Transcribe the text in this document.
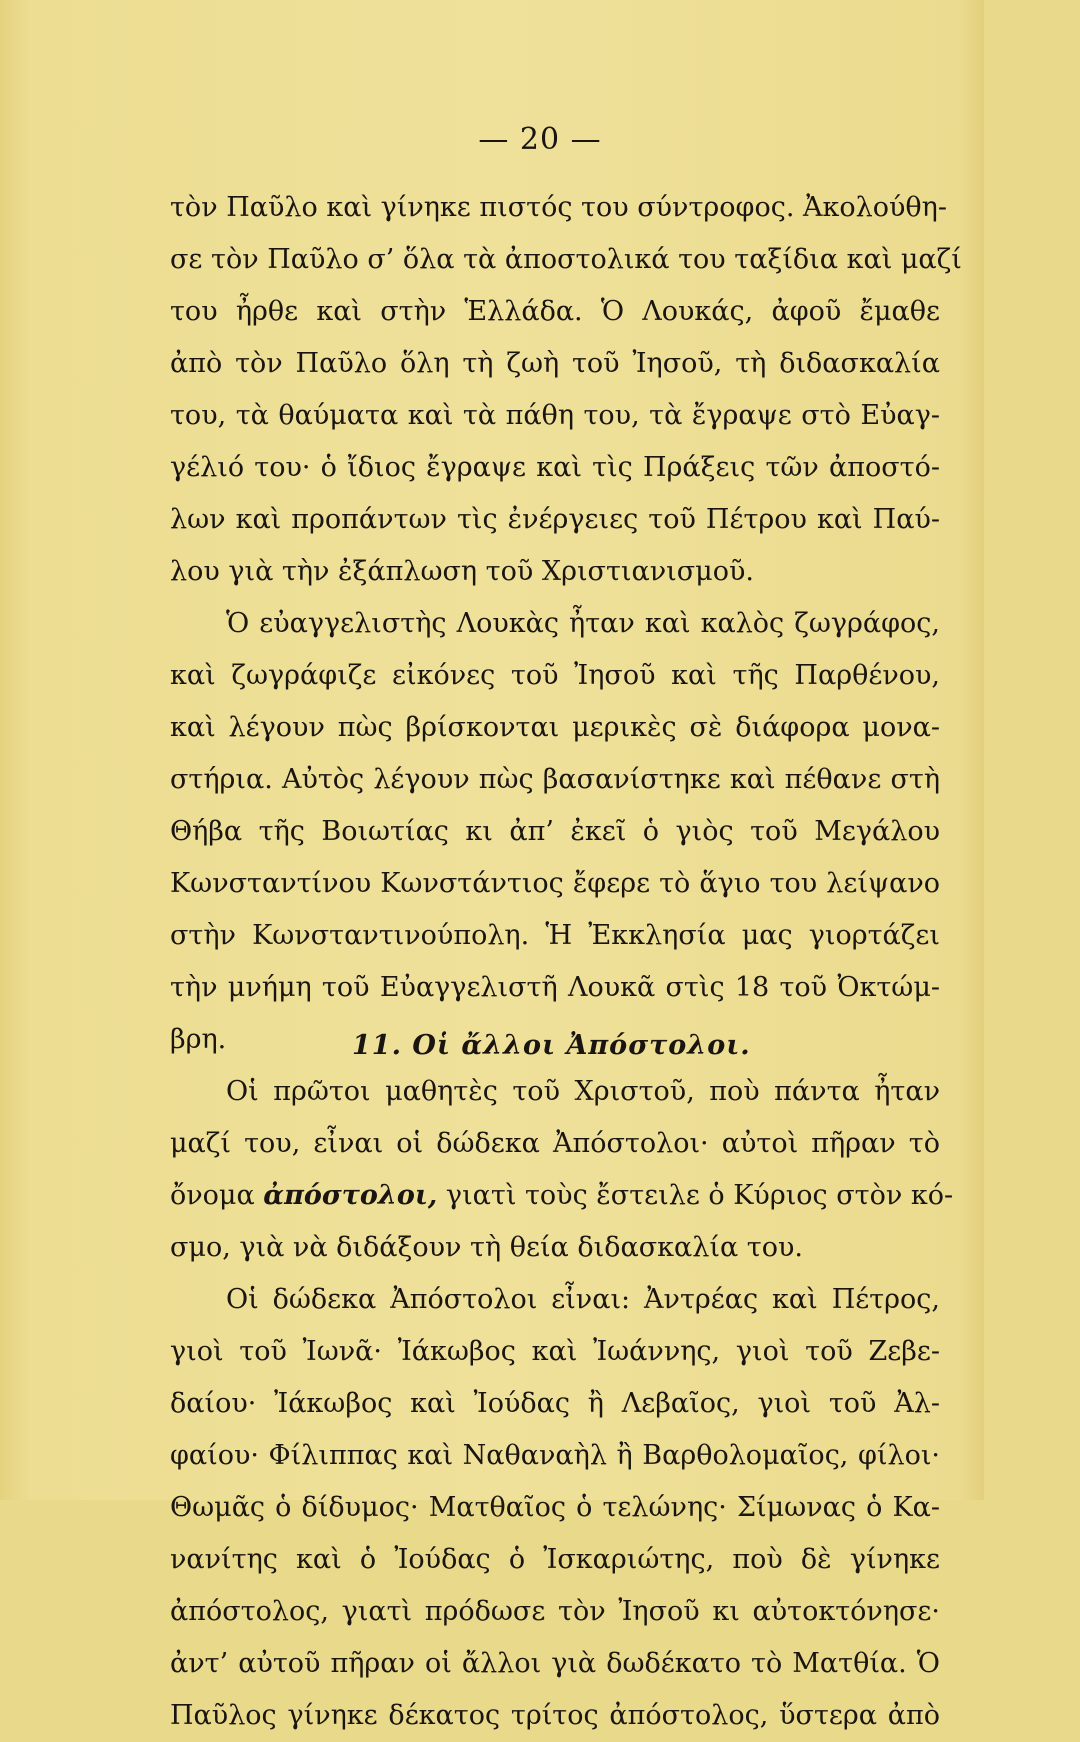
— 20 —
τὸν Παῦλο καὶ γίνηκε πιστός του σύντροφος. Ἀκολούθη-
σε τὸν Παῦλο σ’ ὅλα τὰ ἀποστολικά του ταξίδια καὶ μαζί
του ἦρθε καὶ στὴν Ἑλλάδα. Ὁ Λουκάς, ἀφοῦ ἔμαθε
ἀπὸ τὸν Παῦλο ὅλη τὴ ζωὴ τοῦ Ἰησοῦ, τὴ διδασκαλία
του, τὰ θαύματα καὶ τὰ πάθη του, τὰ ἔγραψε στὸ Εὐαγ-
γέλιό του· ὁ ἴδιος ἔγραψε καὶ τὶς Πράξεις τῶν ἀποστό-
λων καὶ προπάντων τὶς ἐνέργειες τοῦ Πέτρου καὶ Παύ-
λου γιὰ τὴν ἐξάπλωση τοῦ Χριστιανισμοῦ.
Ὁ εὐαγγελιστὴς Λουκὰς ἦταν καὶ καλὸς ζωγράφος,
καὶ ζωγράφιζε εἰκόνες τοῦ Ἰησοῦ καὶ τῆς Παρθένου,
καὶ λέγουν πὼς βρίσκονται μερικὲς σὲ διάφορα μονα-
στήρια. Αὐτὸς λέγουν πὼς βασανίστηκε καὶ πέθανε στὴ
Θήβα τῆς Βοιωτίας κι ἀπ’ ἐκεῖ ὁ γιὸς τοῦ Μεγάλου
Κωνσταντίνου Κωνστάντιος ἔφερε τὸ ἅγιο του λείψανο
στὴν Κωνσταντινούπολη. Ἡ Ἐκκλησία μας γιορτάζει
τὴν μνήμη τοῦ Εὐαγγελιστῆ Λουκᾶ στὶς 18 τοῦ Ὀκτώμ-
βρη.	11. Οἱ ἄλλοι Ἀπόστολοι.
Οἱ πρῶτοι μαθητὲς τοῦ Χριστοῦ, ποὺ πάντα ἦταν
μαζί του, εἶναι οἱ δώδεκα Ἀπόστολοι· αὐτοὶ πῆραν τὸ
ὄνομα ἀπόστολοι, γιατὶ τοὺς ἔστειλε ὁ Κύριος στὸν κό-
σμο, γιὰ νὰ διδάξουν τὴ θεία διδασκαλία του.
Οἱ δώδεκα Ἀπόστολοι εἶναι: Ἀντρέας καὶ Πέτρος,
γιοὶ τοῦ Ἰωνᾶ· Ἰάκωβος καὶ Ἰωάννης, γιοὶ τοῦ Ζεβε-
δαίου· Ἰάκωβος καὶ Ἰούδας ἢ Λεβαῖος, γιοὶ τοῦ Ἀλ-
φαίου· Φίλιππας καὶ Ναθαναὴλ ἢ Βαρθολομαῖος, φίλοι·
Θωμᾶς ὁ δίδυμος· Ματθαῖος ὁ τελώνης· Σίμωνας ὁ Κα-
νανίτης καὶ ὁ Ἰούδας ὁ Ἰσκαριώτης, ποὺ δὲ γίνηκε
ἀπόστολος, γιατὶ πρόδωσε τὸν Ἰησοῦ κι αὐτοκτόνησε·
ἀντ’ αὐτοῦ πῆραν οἱ ἄλλοι γιὰ δωδέκατο τὸ Ματθία. Ὁ
Παῦλος γίνηκε δέκατος τρίτος ἀπόστολος, ὕστερα ἀπὸ
